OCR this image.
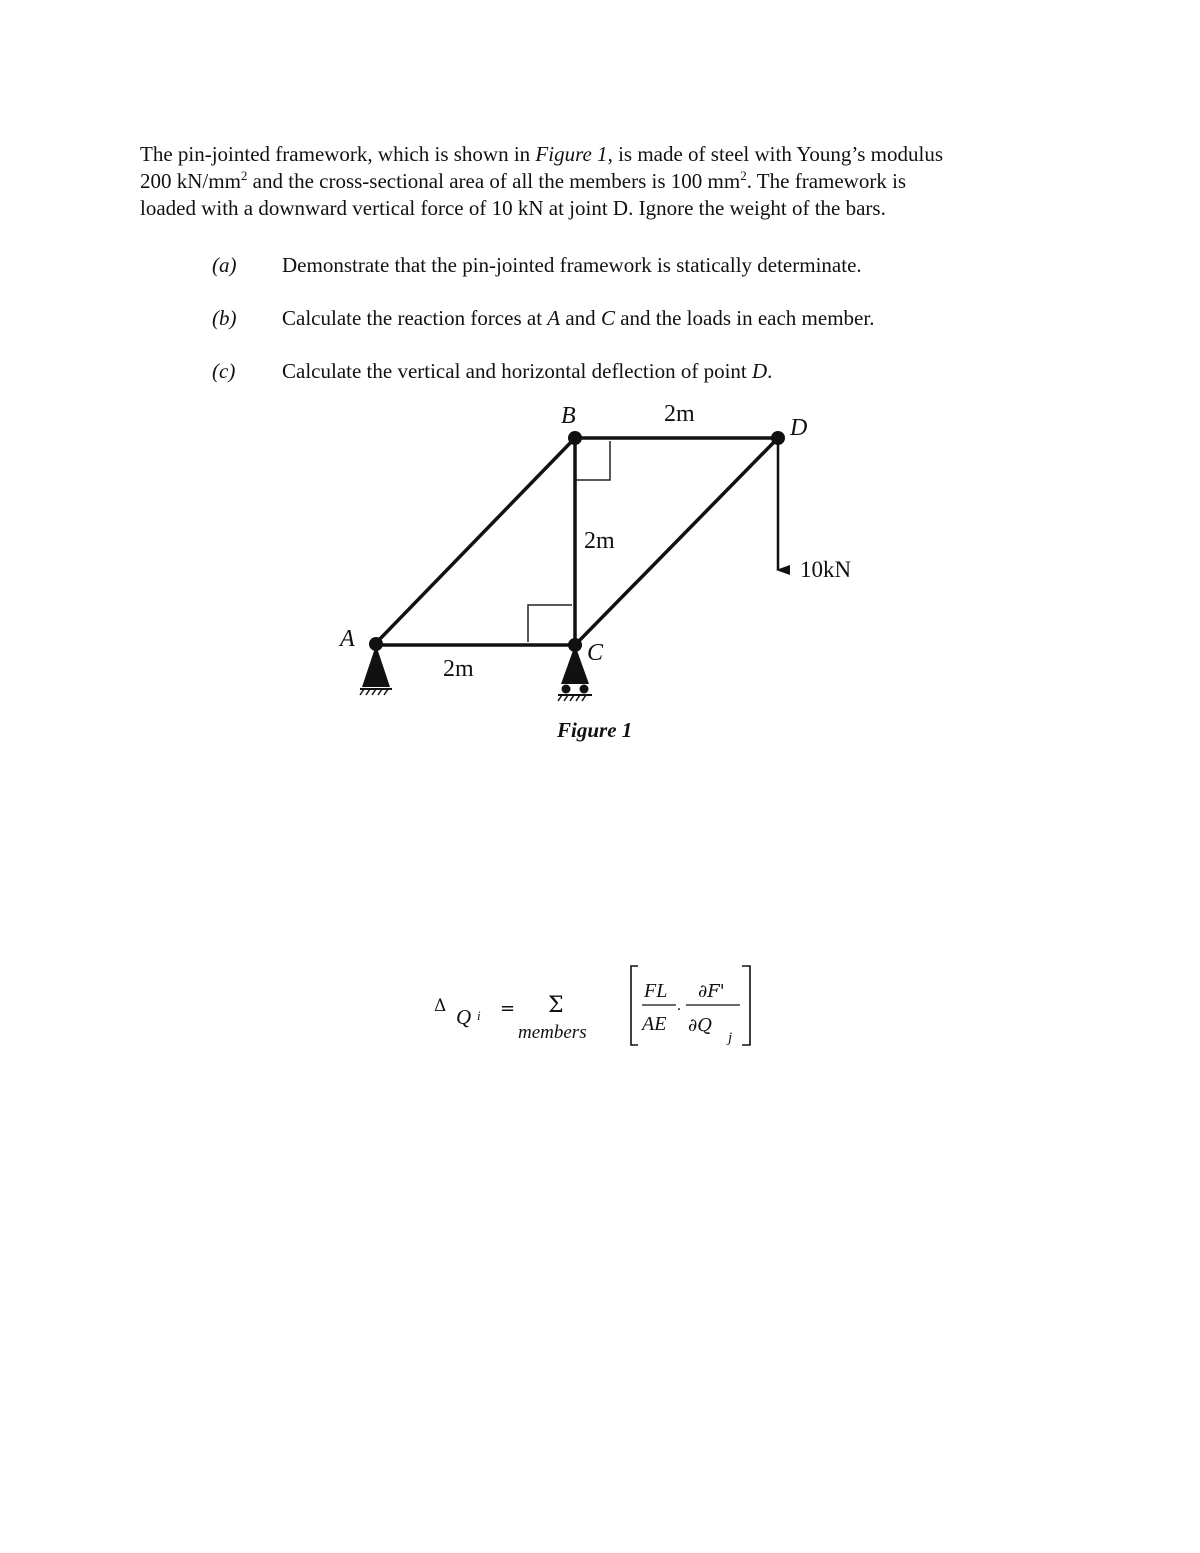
The pin-jointed framework, which is shown in Figure 1, is made of steel with Young’s modulus
200 $kN/mm^2$ and the cross-sectional area of all the members is 100 $mm^2$. The framework is
loaded with a downward vertical force of 10 kN at joint D. Ignore the weight of the bars.
(a) Demonstrate that the pin-jointed framework is statically determinate.
(b) Calculate the reaction forces at A and C and the loads in each member.
(c) Calculate the vertical and horizontal deflection of point D.
A
B
C
D
2m
2m
2m
10kN
Figure 1
Δ Q i = Σ
members
FL
AE
.
∂F'
∂Q
j
